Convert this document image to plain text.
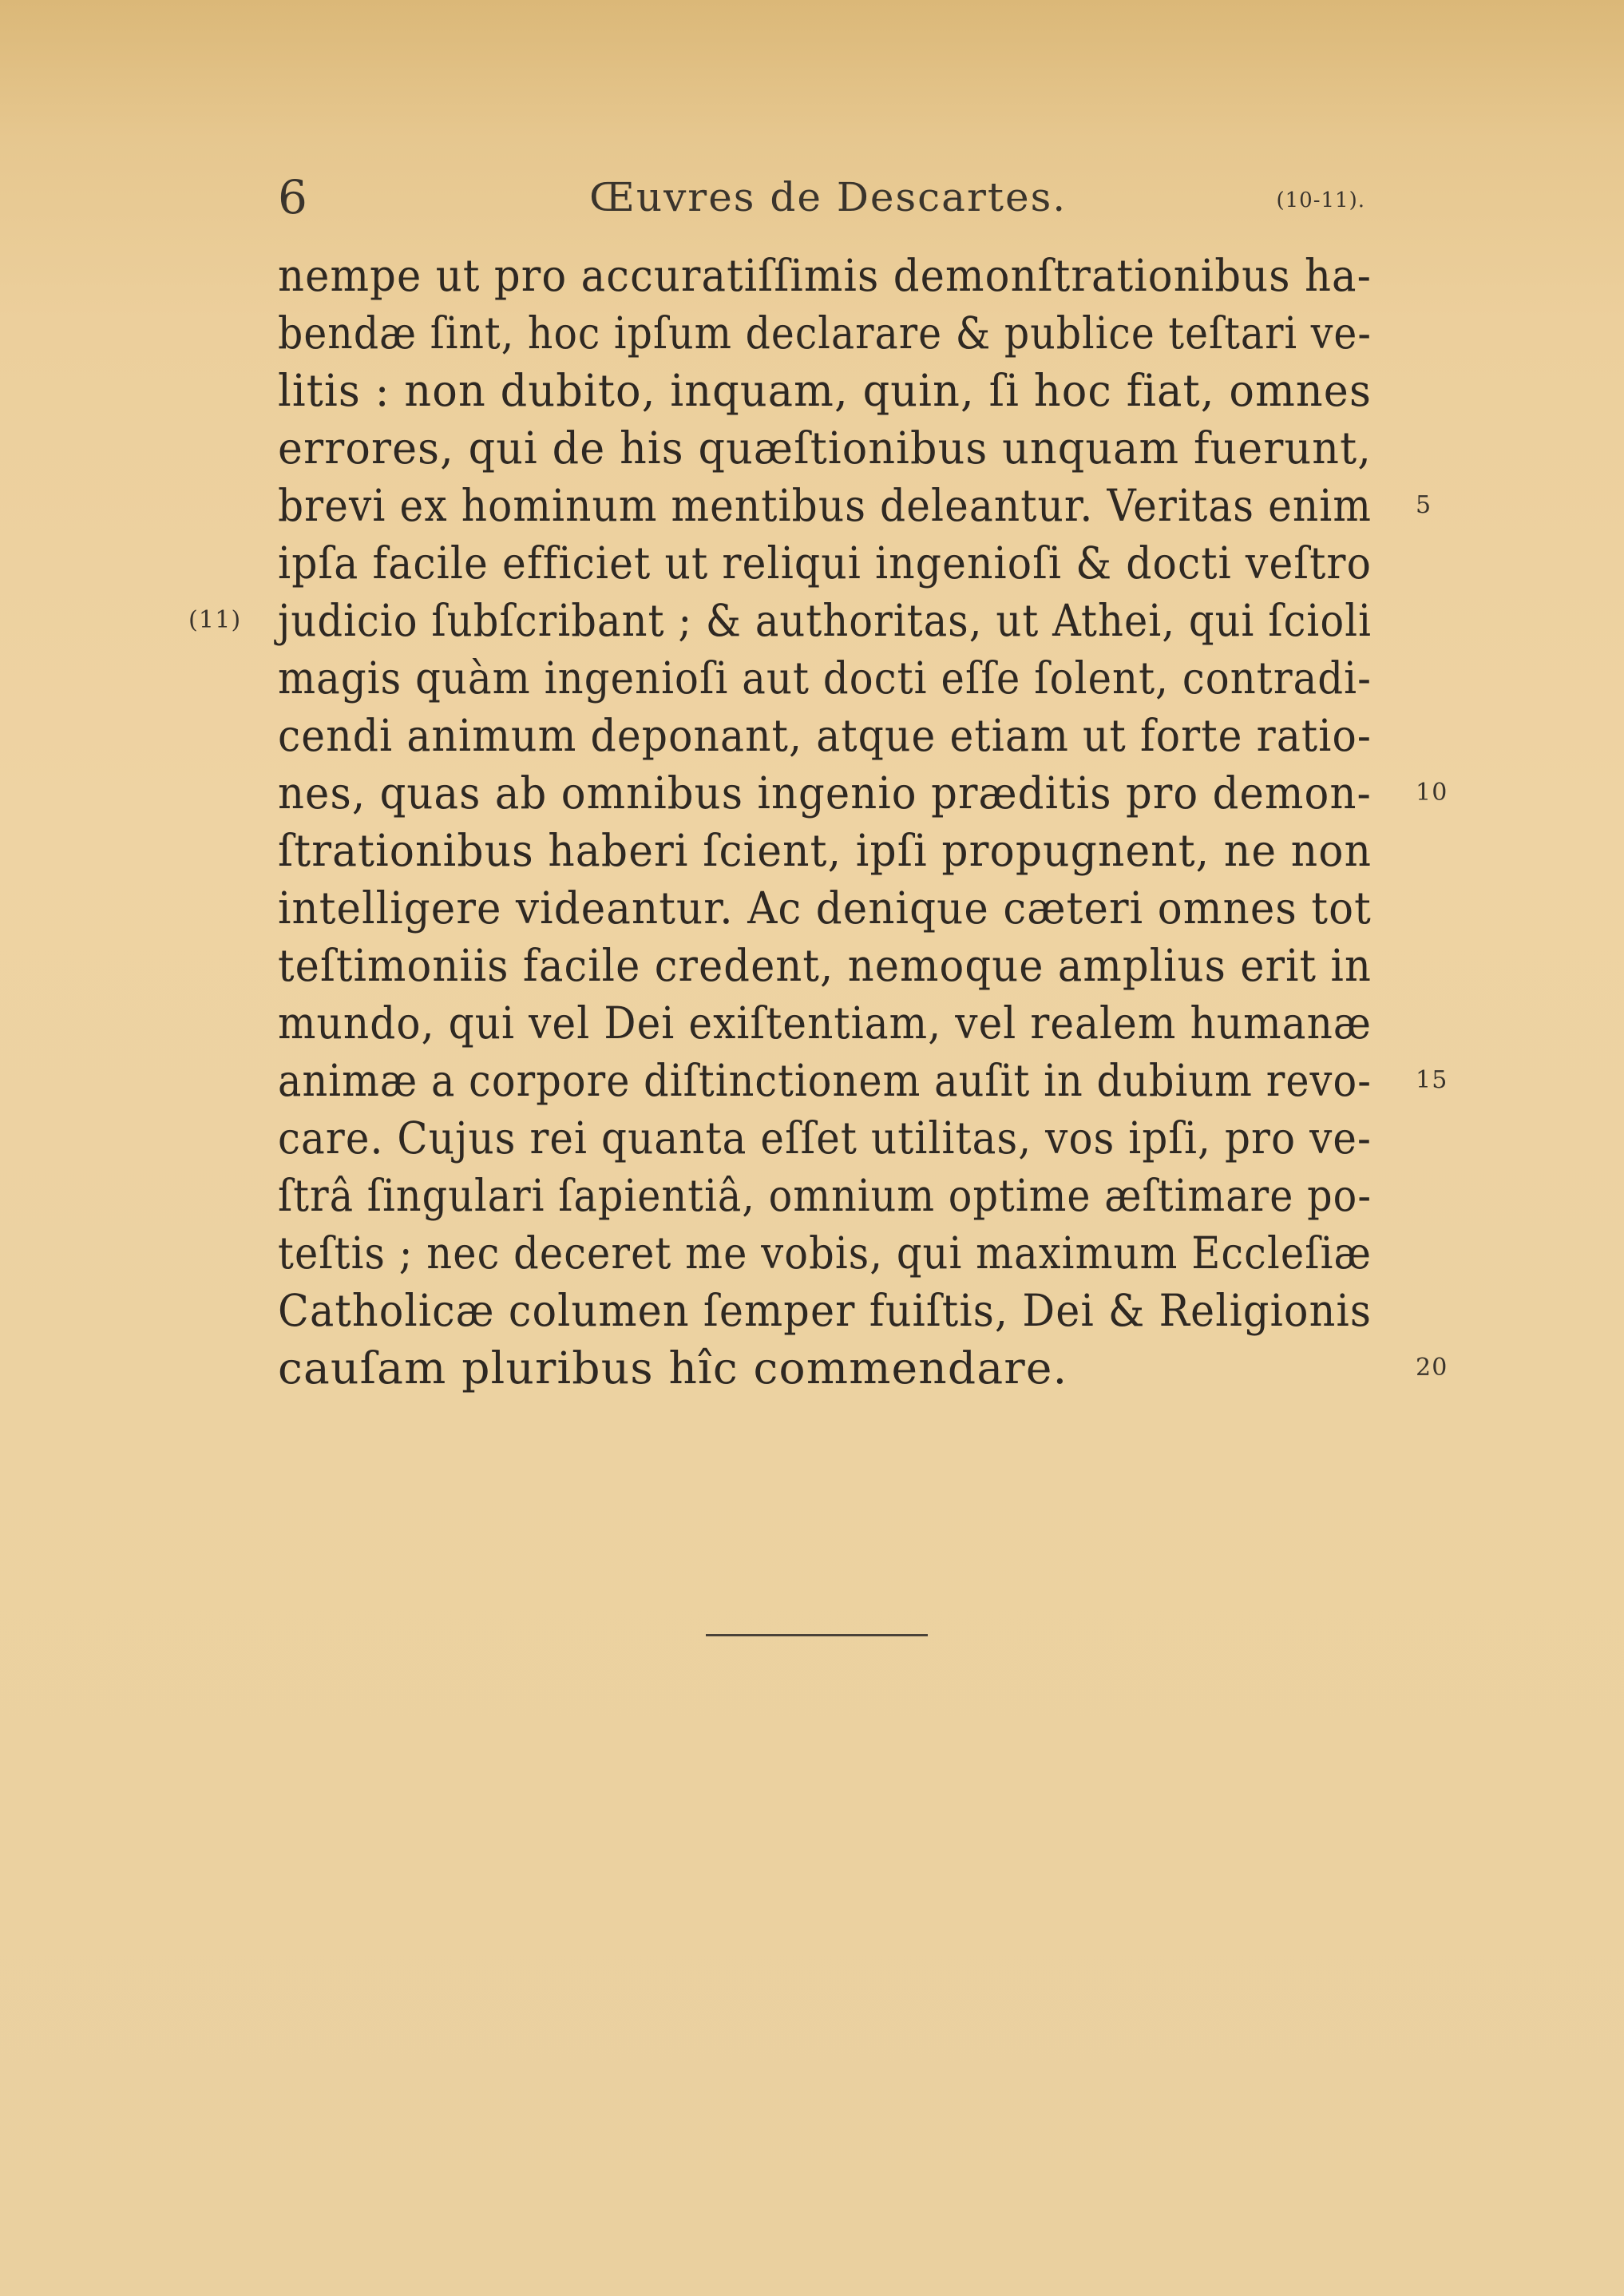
6	Œuvres de Descartes.	(10-11).
nempe ut pro accuratiſſimis demonſtrationibus ha-
bendæ ſint, hoc ipſum declarare & publice teſtari ve-
litis : non dubito, inquam, quin, ſi hoc fiat, omnes
errores, qui de his quæſtionibus unquam fuerunt,
brevi ex hominum mentibus deleantur. Veritas enim 5
ipſa facile efficiet ut reliqui ingenioſi & docti veſtro
(11) judicio ſubſcribant ; & authoritas, ut Athei, qui ſcioli
magis quàm ingenioſi aut docti eſſe ſolent, contradi-
cendi animum deponant, atque etiam ut forte ratio-
nes, quas ab omnibus ingenio præditis pro demon- 10
ſtrationibus haberi ſcient, ipſi propugnent, ne non
intelligere videantur. Ac denique cæteri omnes tot
teſtimoniis facile credent, nemoque amplius erit in
mundo, qui vel Dei exiſtentiam, vel realem humanæ
animæ a corpore diſtinctionem auſit in dubium revo- 15
care. Cujus rei quanta eſſet utilitas, vos ipſi, pro ve-
ſtrâ ſingulari ſapientiâ, omnium optime æſtimare po-
teſtis ; nec deceret me vobis, qui maximum Eccleſiæ
Catholicæ columen ſemper fuiſtis, Dei & Religionis
cauſam pluribus hîc commendare.	20
